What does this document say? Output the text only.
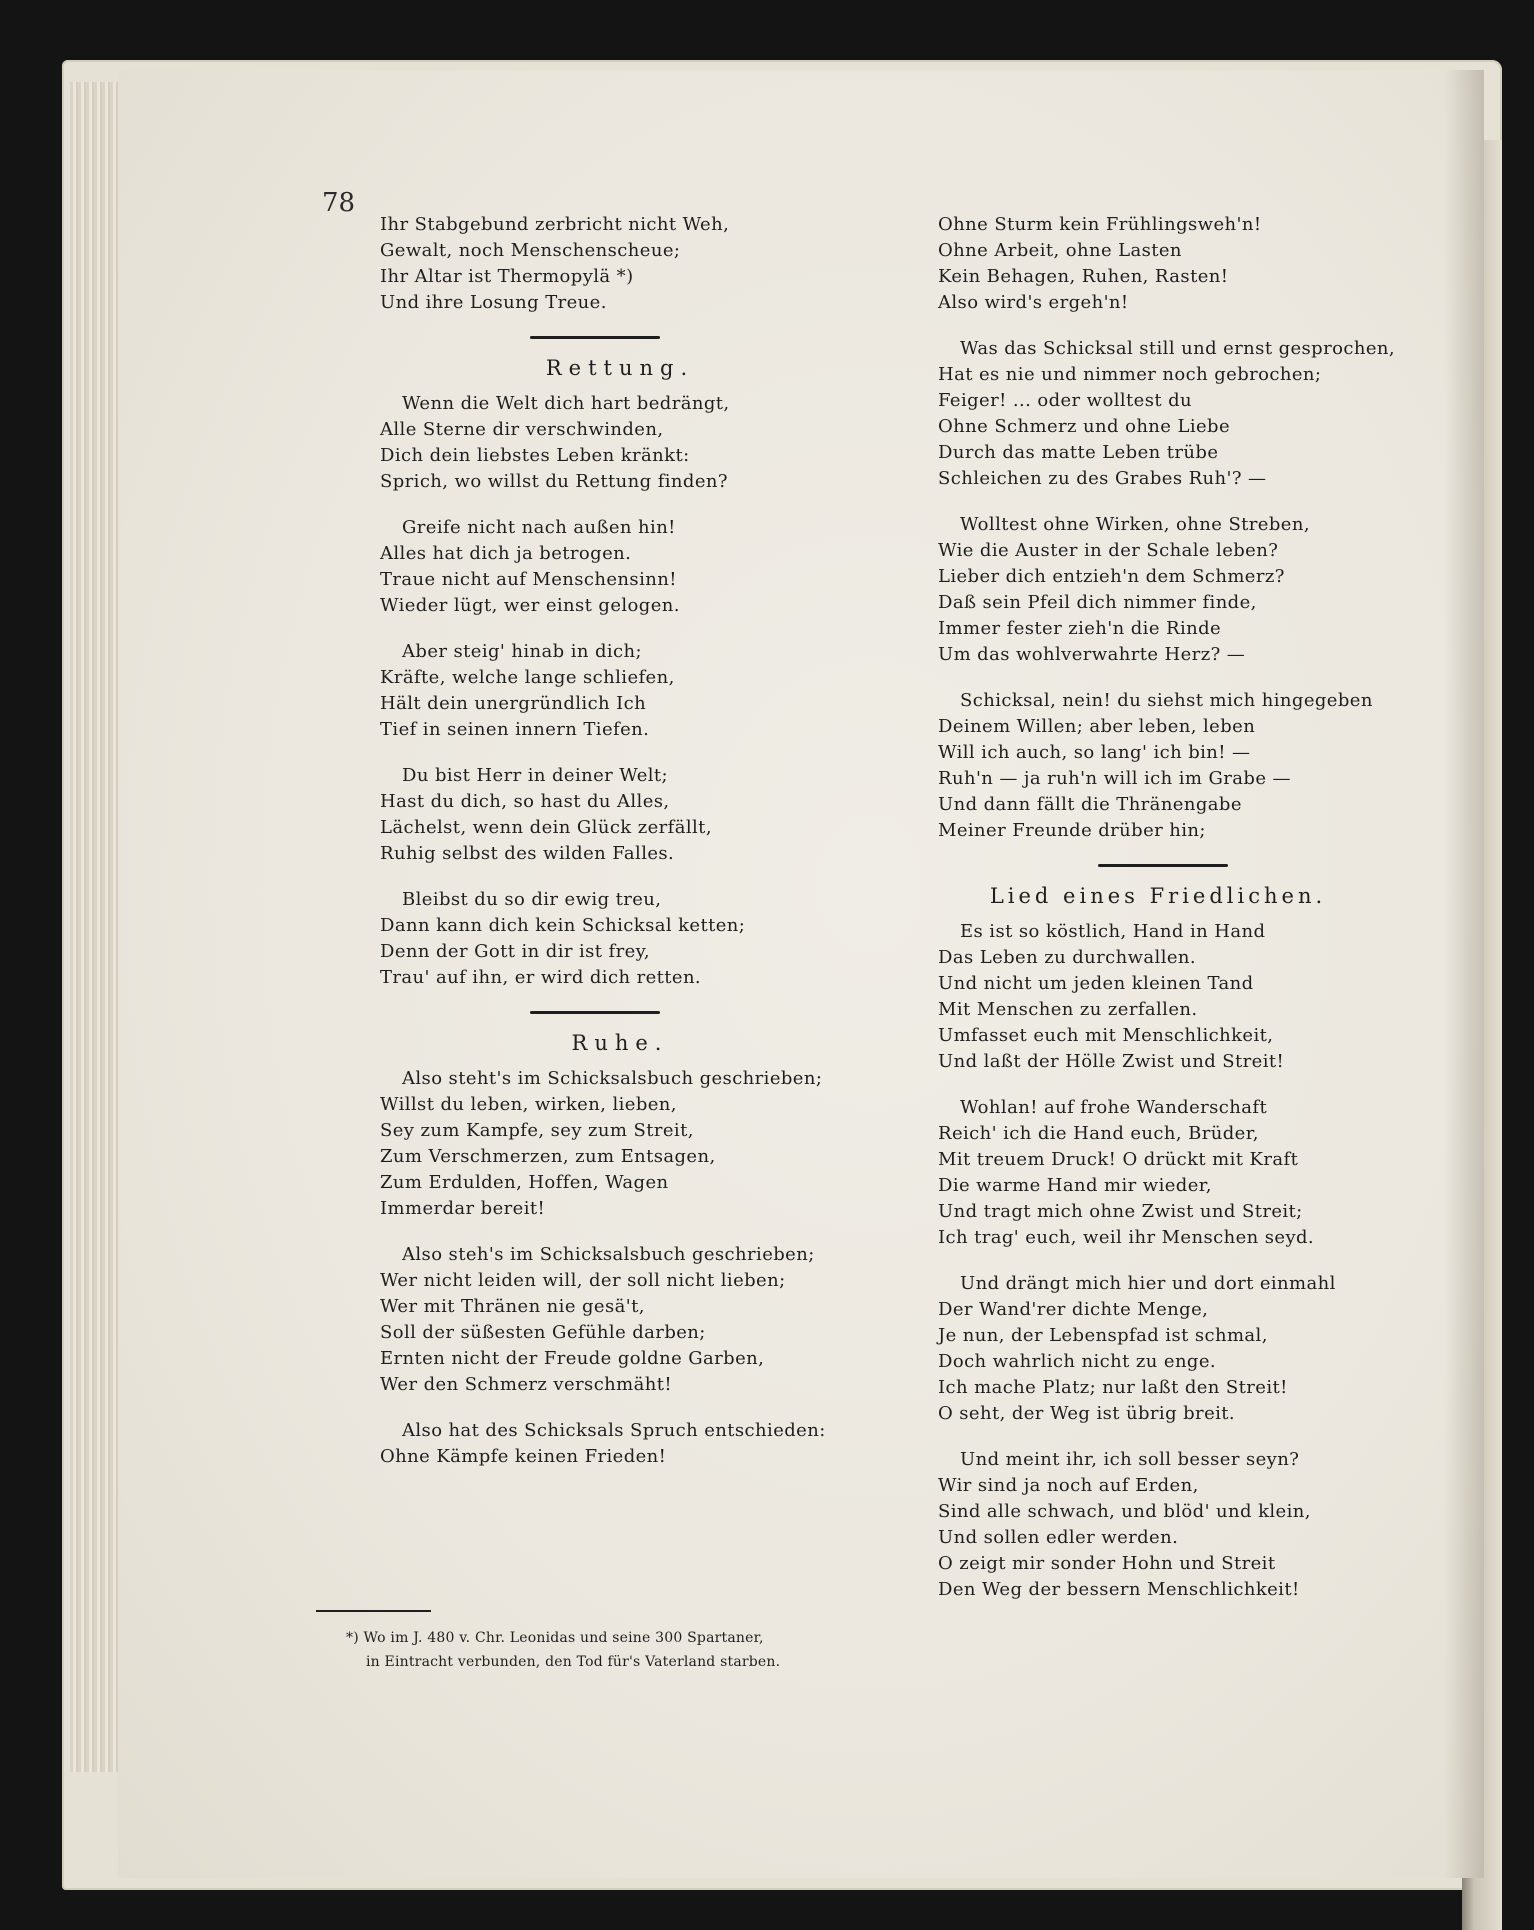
78
Ihr Stabgebund zerbricht nicht Weh,
Gewalt, noch Menschenscheue;
Ihr Altar ist Thermopylä *)
Und ihre Losung Treue.
Rettung.
Wenn die Welt dich hart bedrängt,
Alle Sterne dir verschwinden,
Dich dein liebstes Leben kränkt:
Sprich, wo willst du Rettung finden?
Greife nicht nach außen hin!
Alles hat dich ja betrogen.
Traue nicht auf Menschensinn!
Wieder lügt, wer einst gelogen.
Aber steig' hinab in dich;
Kräfte, welche lange schliefen,
Hält dein unergründlich Ich
Tief in seinen innern Tiefen.
Du bist Herr in deiner Welt;
Hast du dich, so hast du Alles,
Lächelst, wenn dein Glück zerfällt,
Ruhig selbst des wilden Falles.
Bleibst du so dir ewig treu,
Dann kann dich kein Schicksal ketten;
Denn der Gott in dir ist frey,
Trau' auf ihn, er wird dich retten.
Ruhe.
Also steht's im Schicksalsbuch geschrieben;
Willst du leben, wirken, lieben,
Sey zum Kampfe, sey zum Streit,
Zum Verschmerzen, zum Entsagen,
Zum Erdulden, Hoffen, Wagen
Immerdar bereit!
Also steh's im Schicksalsbuch geschrieben;
Wer nicht leiden will, der soll nicht lieben;
Wer mit Thränen nie gesä't,
Soll der süßesten Gefühle darben;
Ernten nicht der Freude goldne Garben,
Wer den Schmerz verschmäht!
Also hat des Schicksals Spruch entschieden:
Ohne Kämpfe keinen Frieden!
*) Wo im J. 480 v. Chr. Leonidas und seine 300 Spartaner,
in Eintracht verbunden, den Tod für's Vaterland starben.
Ohne Sturm kein Frühlingsweh'n!
Ohne Arbeit, ohne Lasten
Kein Behagen, Ruhen, Rasten!
Also wird's ergeh'n!
Was das Schicksal still und ernst gesprochen,
Hat es nie und nimmer noch gebrochen;
Feiger! ... oder wolltest du
Ohne Schmerz und ohne Liebe
Durch das matte Leben trübe
Schleichen zu des Grabes Ruh'? —
Wolltest ohne Wirken, ohne Streben,
Wie die Auster in der Schale leben?
Lieber dich entzieh'n dem Schmerz?
Daß sein Pfeil dich nimmer finde,
Immer fester zieh'n die Rinde
Um das wohlverwahrte Herz? —
Schicksal, nein! du siehst mich hingegeben
Deinem Willen; aber leben, leben
Will ich auch, so lang' ich bin! —
Ruh'n — ja ruh'n will ich im Grabe —
Und dann fällt die Thränengabe
Meiner Freunde drüber hin;
Lied eines Friedlichen.
Es ist so köstlich, Hand in Hand
Das Leben zu durchwallen.
Und nicht um jeden kleinen Tand
Mit Menschen zu zerfallen.
Umfasset euch mit Menschlichkeit,
Und laßt der Hölle Zwist und Streit!
Wohlan! auf frohe Wanderschaft
Reich' ich die Hand euch, Brüder,
Mit treuem Druck! O drückt mit Kraft
Die warme Hand mir wieder,
Und tragt mich ohne Zwist und Streit;
Ich trag' euch, weil ihr Menschen seyd.
Und drängt mich hier und dort einmahl
Der Wand'rer dichte Menge,
Je nun, der Lebenspfad ist schmal,
Doch wahrlich nicht zu enge.
Ich mache Platz; nur laßt den Streit!
O seht, der Weg ist übrig breit.
Und meint ihr, ich soll besser seyn?
Wir sind ja noch auf Erden,
Sind alle schwach, und blöd' und klein,
Und sollen edler werden.
O zeigt mir sonder Hohn und Streit
Den Weg der bessern Menschlichkeit!
